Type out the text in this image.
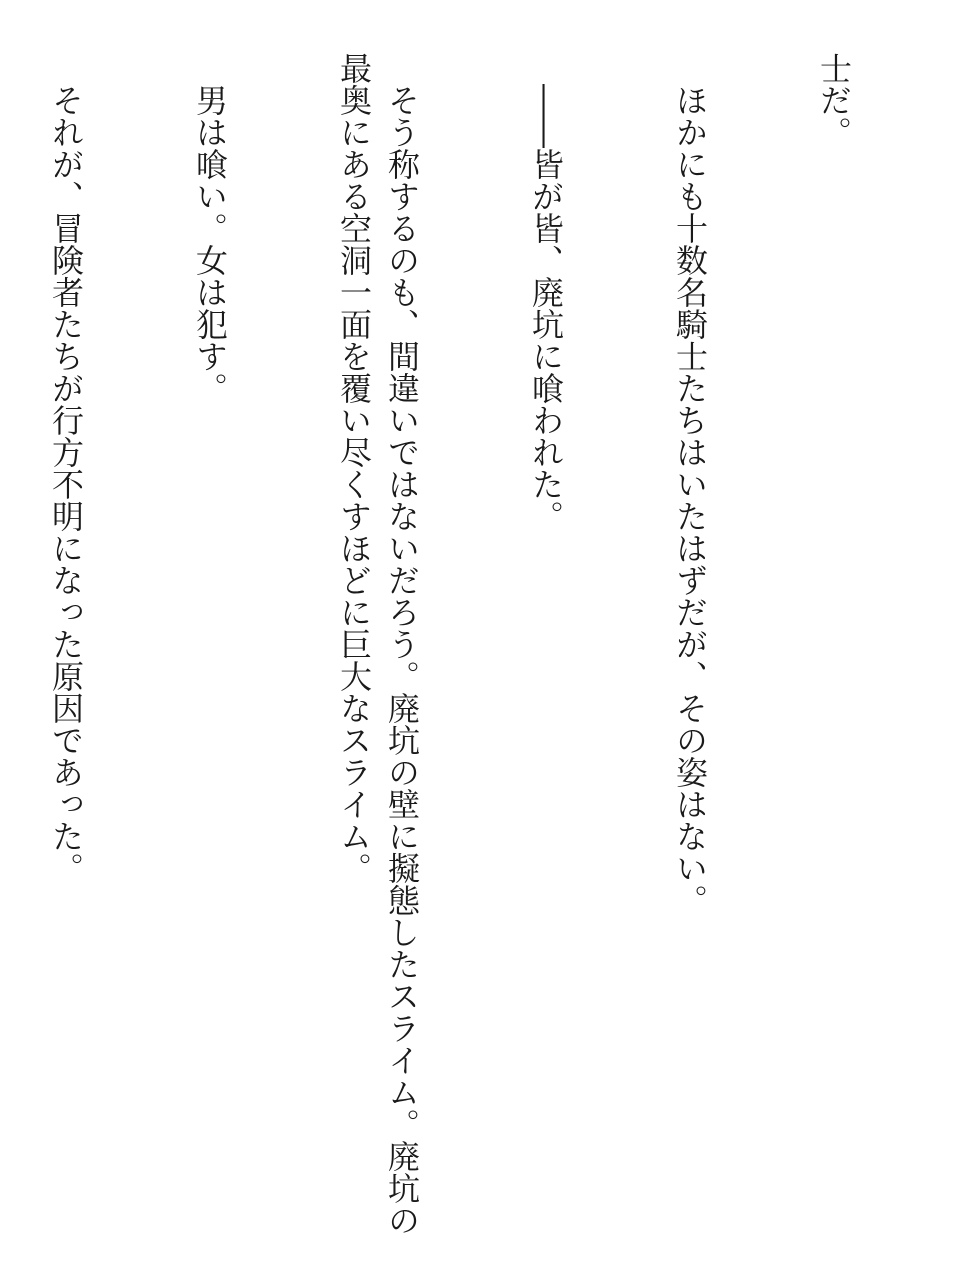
士だ。

　ほかにも十数名騎士たちはいたはずだが、その姿はない。

　――皆が皆、廃坑に喰われた。

　そう称するのも、間違いではないだろう。廃坑の壁に擬態したスライム。廃坑の最奥にある空洞一面を覆い尽くすほどに巨大なスライム。

　男は喰い。女は犯す。

　それが、冒険者たちが行方不明になった原因であった。
